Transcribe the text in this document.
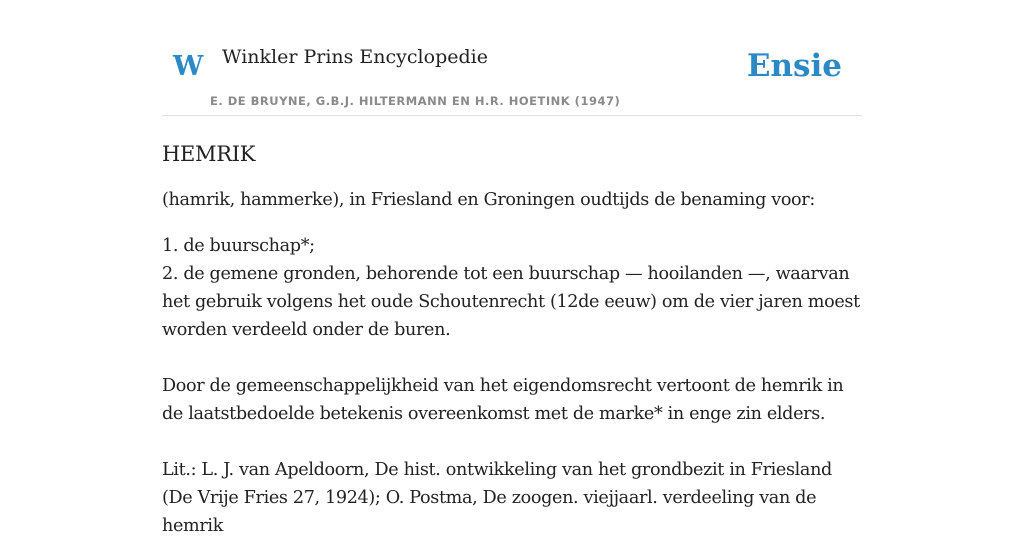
W Winkler Prins Encyclopedie
E. DE BRUYNE, G.B.J. HILTERMANN EN H.R. HOETINK (1947)
Ensie
HEMRIK

(hamrik, hammerke), in Friesland en Groningen oudtijds de benaming voor:

1. de buurschap*;

2. de gemene gronden, behorende tot een buurschap — hooilanden —, waarvan het gebruik volgens het oude Schoutenrecht (12de eeuw) om de vier jaren moest worden verdeeld onder de buren.

Door de gemeenschappelijkheid van het eigendomsrecht vertoont de hemrik in de laatstbedoelde betekenis overeenkomst met de marke* in enge zin elders.

Lit.: L. J. van Apeldoorn, De hist. ontwikkeling van het grondbezit in Friesland (De Vrije Fries 27, 1924); O. Postma, De zoogen. viejjaarl. verdeeling van de hemrik
